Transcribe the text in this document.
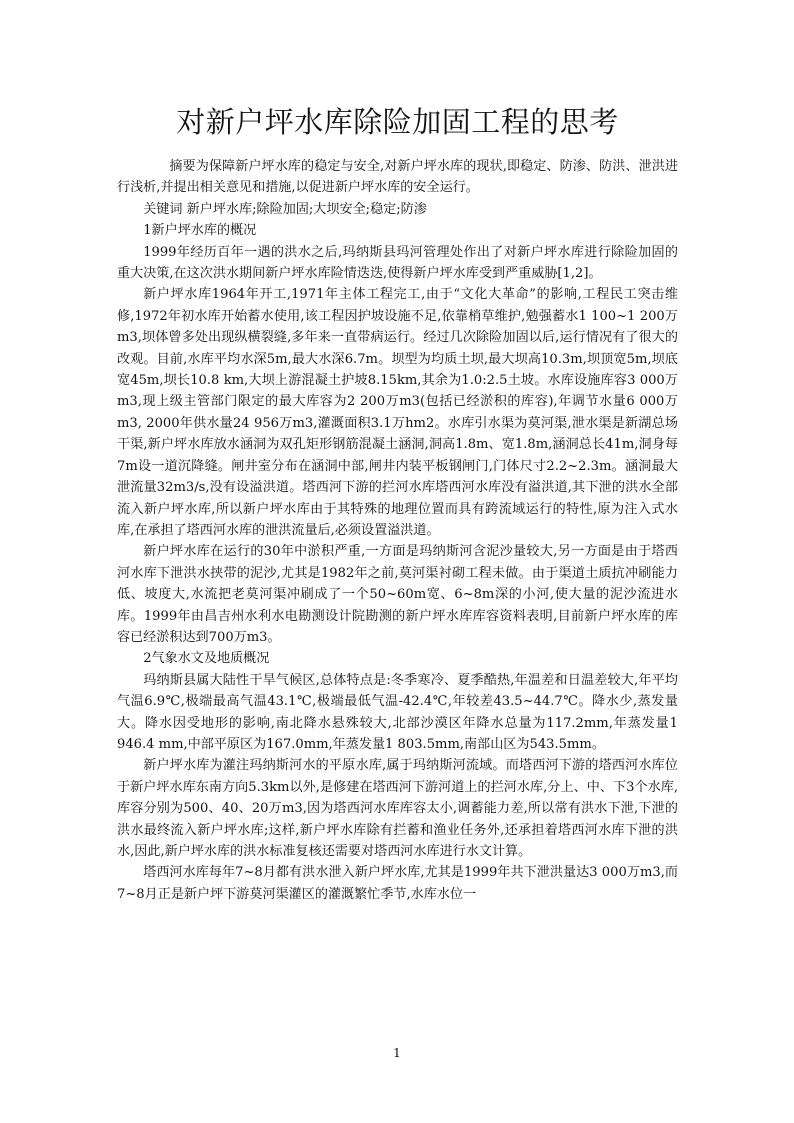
对新户坪水库除险加固工程的思考

摘要为保障新户坪水库的稳定与安全,对新户坪水库的现状,即稳定、防渗、防洪、泄洪进行浅析,并提出相关意见和措施,以促进新户坪水库的安全运行。

关键词 新户坪水库;除险加固;大坝安全;稳定;防渗

1新户坪水库的概况

1999年经历百年一遇的洪水之后,玛纳斯县玛河管理处作出了对新户坪水库进行除险加固的重大决策,在这次洪水期间新户坪水库险情迭迭,使得新户坪水库受到严重威胁[1,2]。

新户坪水库1964年开工,1971年主体工程完工,由于“文化大革命”的影响,工程民工突击维修,1972年初水库开始蓄水使用,该工程因护坡设施不足,依靠梢草维护,勉强蓄水1 100~1 200万m3,坝体曾多处出现纵横裂缝,多年来一直带病运行。经过几次除险加固以后,运行情况有了很大的改观。目前,水库平均水深5m,最大水深6.7m。坝型为均质土坝,最大坝高10.3m,坝顶宽5m,坝底宽45m,坝长10.8 km,大坝上游混凝土护坡8.15km,其余为1.0:2.5土坡。水库设施库容3 000万m3,现上级主管部门限定的最大库容为2 200万m3(包括已经淤积的库容),年调节水量6 000万m3, 2000年供水量24 956万m3,灌溉面积3.1万hm2。水库引水渠为莫河渠,泄水渠是新湖总场干渠,新户坪水库放水涵洞为双孔矩形钢筋混凝土涵洞,洞高1.8m、宽1.8m,涵洞总长41m,洞身每7m设一道沉降缝。闸井室分布在涵洞中部,闸井内装平板钢闸门,门体尺寸2.2~2.3m。涵洞最大泄流量32m3/s,没有设溢洪道。塔西河下游的拦河水库塔西河水库没有溢洪道,其下泄的洪水全部流入新户坪水库,所以新户坪水库由于其特殊的地理位置而具有跨流域运行的特性,原为注入式水库,在承担了塔西河水库的泄洪流量后,必须设置溢洪道。

新户坪水库在运行的30年中淤积严重,一方面是玛纳斯河含泥沙量较大,另一方面是由于塔西河水库下泄洪水挟带的泥沙,尤其是1982年之前,莫河渠衬砌工程未做。由于渠道土质抗冲刷能力低、坡度大,水流把老莫河渠冲刷成了一个50~60m宽、6~8m深的小河,使大量的泥沙流进水库。1999年由昌吉州水利水电勘测设计院勘测的新户坪水库库容资料表明,目前新户坪水库的库容已经淤积达到700万m3。

2气象水文及地质概况

玛纳斯县属大陆性干旱气候区,总体特点是:冬季寒冷、夏季酷热,年温差和日温差较大,年平均气温6.9℃,极端最高气温43.1℃,极端最低气温-42.4℃,年较差43.5~44.7℃。降水少,蒸发量大。降水因受地形的影响,南北降水悬殊较大,北部沙漠区年降水总量为117.2mm,年蒸发量1 946.4 mm,中部平原区为167.0mm,年蒸发量1 803.5mm,南部山区为543.5mm。

新户坪水库为灌注玛纳斯河水的平原水库,属于玛纳斯河流域。而塔西河下游的塔西河水库位于新户坪水库东南方向5.3km以外,是修建在塔西河下游河道上的拦河水库,分上、中、下3个水库,库容分别为500、40、20万m3,因为塔西河水库库容太小,调蓄能力差,所以常有洪水下泄,下泄的洪水最终流入新户坪水库;这样,新户坪水库除有拦蓄和渔业任务外,还承担着塔西河水库下泄的洪水,因此,新户坪水库的洪水标准复核还需要对塔西河水库进行水文计算。

塔西河水库每年7~8月都有洪水泄入新户坪水库,尤其是1999年共下泄洪量达3 000万m3,而7~8月正是新户坪下游莫河渠灌区的灌溉繁忙季节,水库水位一

1
